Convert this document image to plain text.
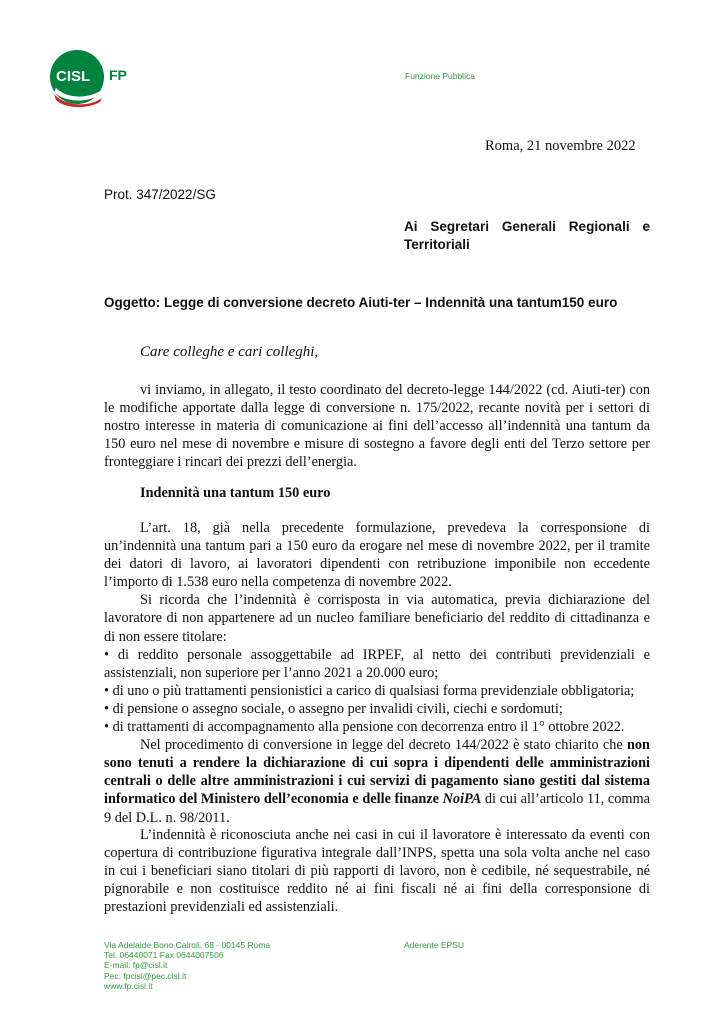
CISL FP	Funzione Pubblica
Roma, 21 novembre 2022
Prot. 347/2022/SG
Ai Segretari Generali Regionali e
Territoriali
Oggetto: Legge di conversione decreto Aiuti-ter – Indennità una tantum150 euro
Care colleghe e cari colleghi,

vi inviamo, in allegato, il testo coordinato del decreto-legge 144/2022 (cd. Aiuti-ter) con le modifiche apportate dalla legge di conversione n. 175/2022, recante novità per i settori di nostro interesse in materia di comunicazione ai fini dell’accesso all’indennità una tantum da 150 euro nel mese di novembre e misure di sostegno a favore degli enti del Terzo settore per fronteggiare i rincari dei prezzi dell’energia.

Indennità una tantum 150 euro

L’art. 18, già nella precedente formulazione, prevedeva la corresponsione di un’indennità una tantum pari a 150 euro da erogare nel mese di novembre 2022, per il tramite dei datori di lavoro, ai lavoratori dipendenti con retribuzione imponibile non eccedente l’importo di 1.538 euro nella competenza di novembre 2022.

Si ricorda che l’indennità è corrisposta in via automatica, previa dichiarazione del lavoratore di non appartenere ad un nucleo familiare beneficiario del reddito di cittadinanza e di non essere titolare:

• di reddito personale assoggettabile ad IRPEF, al netto dei contributi previdenziali e assistenziali, non superiore per l’anno 2021 a 20.000 euro;
• di uno o più trattamenti pensionistici a carico di qualsiasi forma previdenziale obbligatoria;
• di pensione o assegno sociale, o assegno per invalidi civili, ciechi e sordomuti;
• di trattamenti di accompagnamento alla pensione con decorrenza entro il 1° ottobre 2022.

Nel procedimento di conversione in legge del decreto 144/2022 è stato chiarito che non sono tenuti a rendere la dichiarazione di cui sopra i dipendenti delle amministrazioni centrali o delle altre amministrazioni i cui servizi di pagamento siano gestiti dal sistema informatico del Ministero dell’economia e delle finanze NoiPA di cui all’articolo 11, comma 9 del D.L. n. 98/2011.

L’indennità è riconosciuta anche nei casi in cui il lavoratore è interessato da eventi con copertura di contribuzione figurativa integrale dall’INPS, spetta una sola volta anche nel caso in cui i beneficiari siano titolari di più rapporti di lavoro, non è cedibile, né sequestrabile, né pignorabile e non costituisce reddito né ai fini fiscali né ai fini della corresponsione di prestazioni previdenziali ed assistenziali.

Via Adelaide Bono Cairoli, 68 - 00145 Roma
Tel. 06440071 Fax 0644007506
E-mail: fp@cisl.it
Pec: fpcisl@pec.cisl.it
www.fp.cisl.it
Aderente EPSU
